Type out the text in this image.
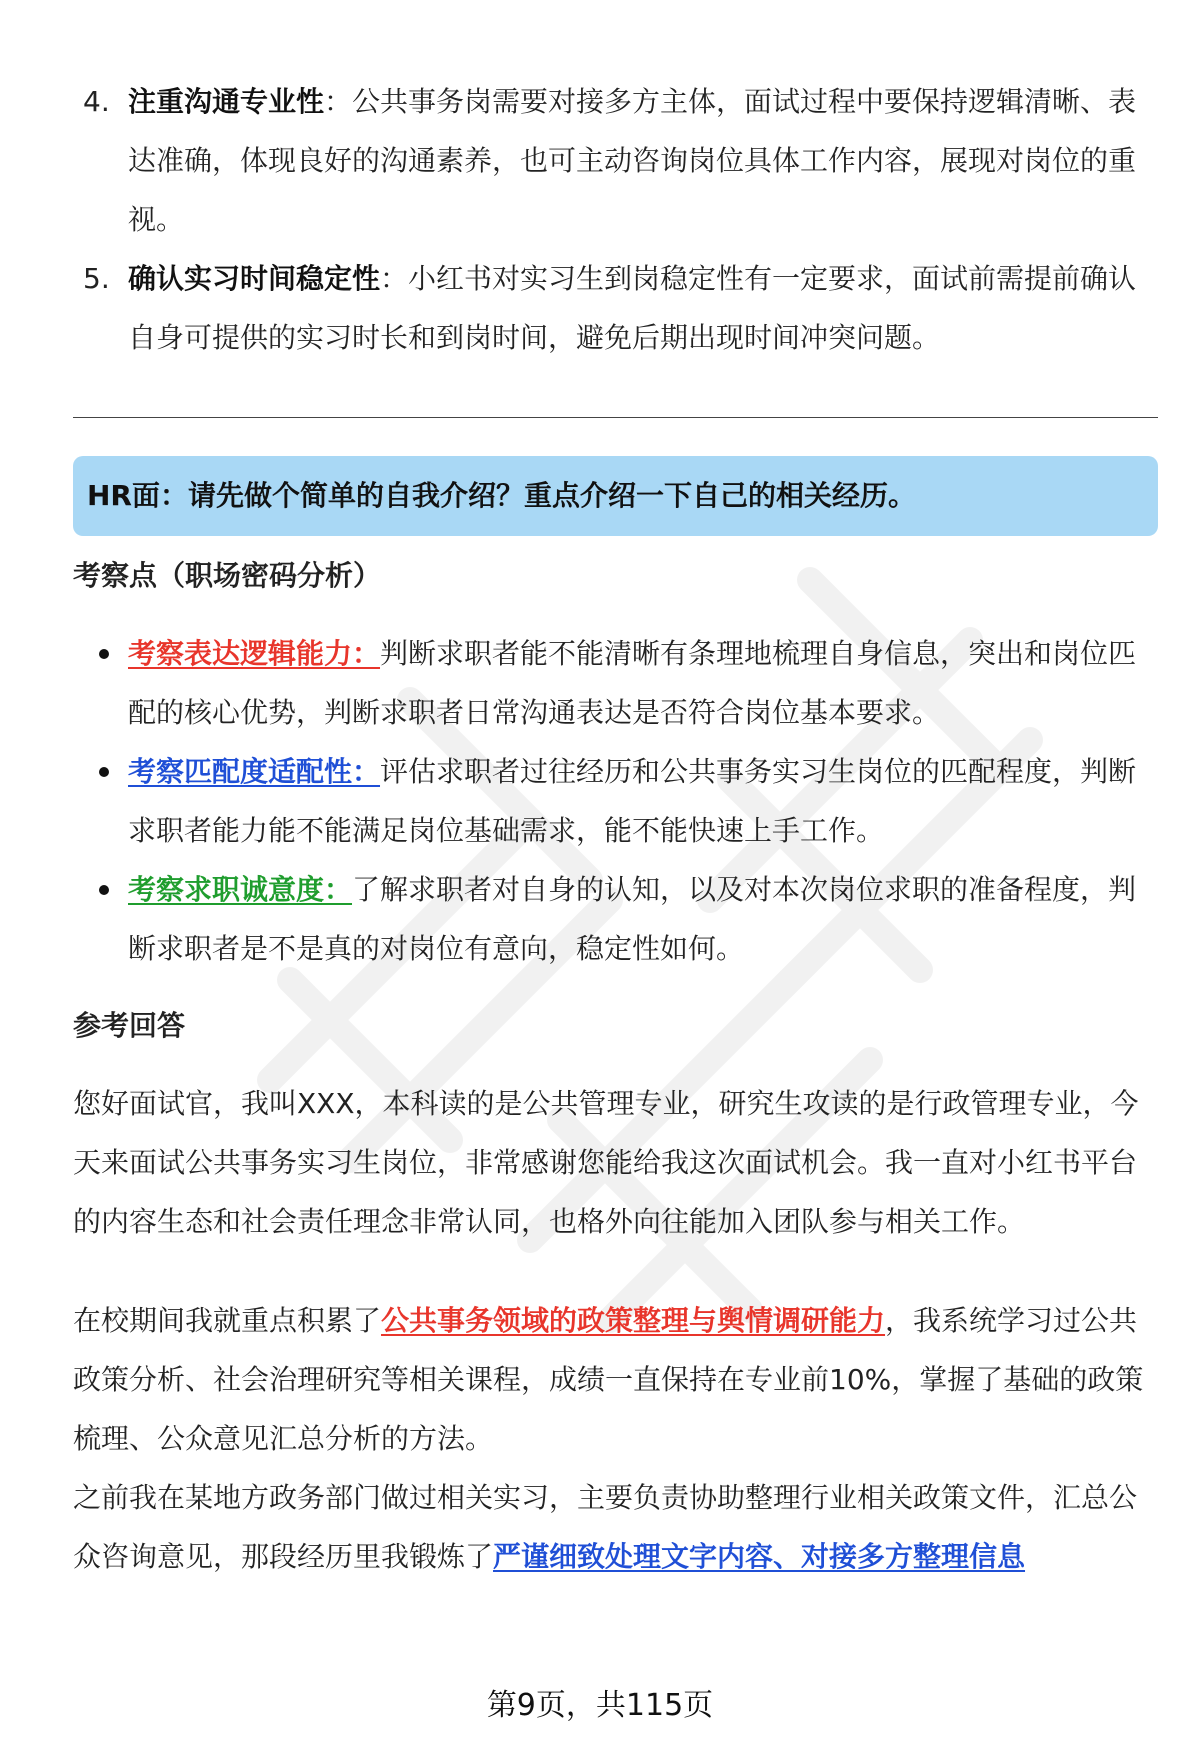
4. 注重沟通专业性：公共事务岗需要对接多方主体，面试过程中要保持逻辑清晰、表达准确，体现良好的沟通素养，也可主动咨询岗位具体工作内容，展现对岗位的重视。
5. 确认实习时间稳定性：小红书对实习生到岗稳定性有一定要求，面试前需提前确认自身可提供的实习时长和到岗时间，避免后期出现时间冲突问题。
HR面：请先做个简单的自我介绍？重点介绍一下自己的相关经历。
考察点（职场密码分析）
考察表达逻辑能力：判断求职者能不能清晰有条理地梳理自身信息，突出和岗位匹配的核心优势，判断求职者日常沟通表达是否符合岗位基本要求。
考察匹配度适配性：评估求职者过往经历和公共事务实习生岗位的匹配程度，判断求职者能力能不能满足岗位基础需求，能不能快速上手工作。
考察求职诚意度：了解求职者对自身的认知，以及对本次岗位求职的准备程度，判断求职者是不是真的对岗位有意向，稳定性如何。
参考回答

您好面试官，我叫XXX，本科读的是公共管理专业，研究生攻读的是行政管理专业，今天来面试公共事务实习生岗位，非常感谢您能给我这次面试机会。我一直对小红书平台的内容生态和社会责任理念非常认同，也格外向往能加入团队参与相关工作。

在校期间我就重点积累了公共事务领域的政策整理与舆情调研能力，我系统学习过公共政策分析、社会治理研究等相关课程，成绩一直保持在专业前10%，掌握了基础的政策梳理、公众意见汇总分析的方法。

之前我在某地方政务部门做过相关实习，主要负责协助整理行业相关政策文件，汇总公众咨询意见，那段经历里我锻炼了严谨细致处理文字内容、对接多方整理信息

第9页，共115页
